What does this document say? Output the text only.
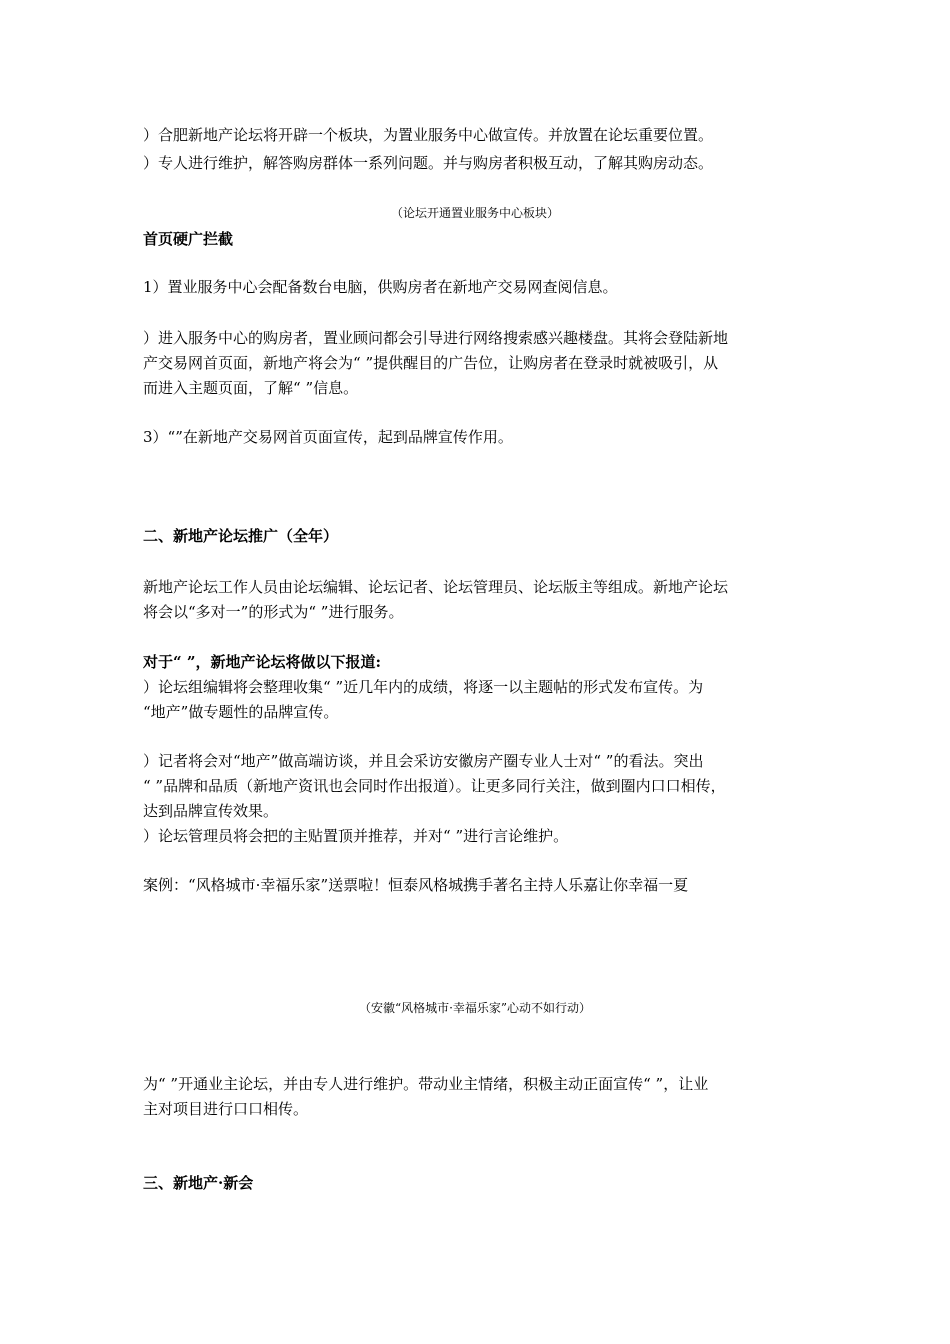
）合肥新地产论坛将开辟一个板块，为置业服务中心做宣传。并放置在论坛重要位置。
）专人进行维护，解答购房群体一系列问题。并与购房者积极互动，了解其购房动态。
（论坛开通置业服务中心板块）
首页硬广拦截
1）置业服务中心会配备数台电脑，供购房者在新地产交易网查阅信息。
）进入服务中心的购房者，置业顾问都会引导进行网络搜索感兴趣楼盘。其将会登陆新地
产交易网首页面，新地产将会为“ ”提供醒目的广告位，让购房者在登录时就被吸引，从
而进入主题页面，了解“ ”信息。
3）“”在新地产交易网首页面宣传，起到品牌宣传作用。
二、新地产论坛推广（全年）
新地产论坛工作人员由论坛编辑、论坛记者、论坛管理员、论坛版主等组成。新地产论坛
将会以“多对一”的形式为“ ”进行服务。
对于“ ”，新地产论坛将做以下报道:
）论坛组编辑将会整理收集“ ”近几年内的成绩，将逐一以主题帖的形式发布宣传。为
“地产”做专题性的品牌宣传。
）记者将会对“地产”做高端访谈，并且会采访安徽房产圈专业人士对“ ”的看法。突出
“ ”品牌和品质（新地产资讯也会同时作出报道）。让更多同行关注，做到圈内口口相传，
达到品牌宣传效果。
）论坛管理员将会把的主贴置顶并推荐，并对“ ”进行言论维护。
案例：“风格城市·幸福乐家”送票啦！恒泰风格城携手著名主持人乐嘉让你幸福一夏
（安徽“风格城市·幸福乐家”心动不如行动）
为“ ”开通业主论坛，并由专人进行维护。带动业主情绪，积极主动正面宣传“ ”，让业
主对项目进行口口相传。
三、新地产·新会
